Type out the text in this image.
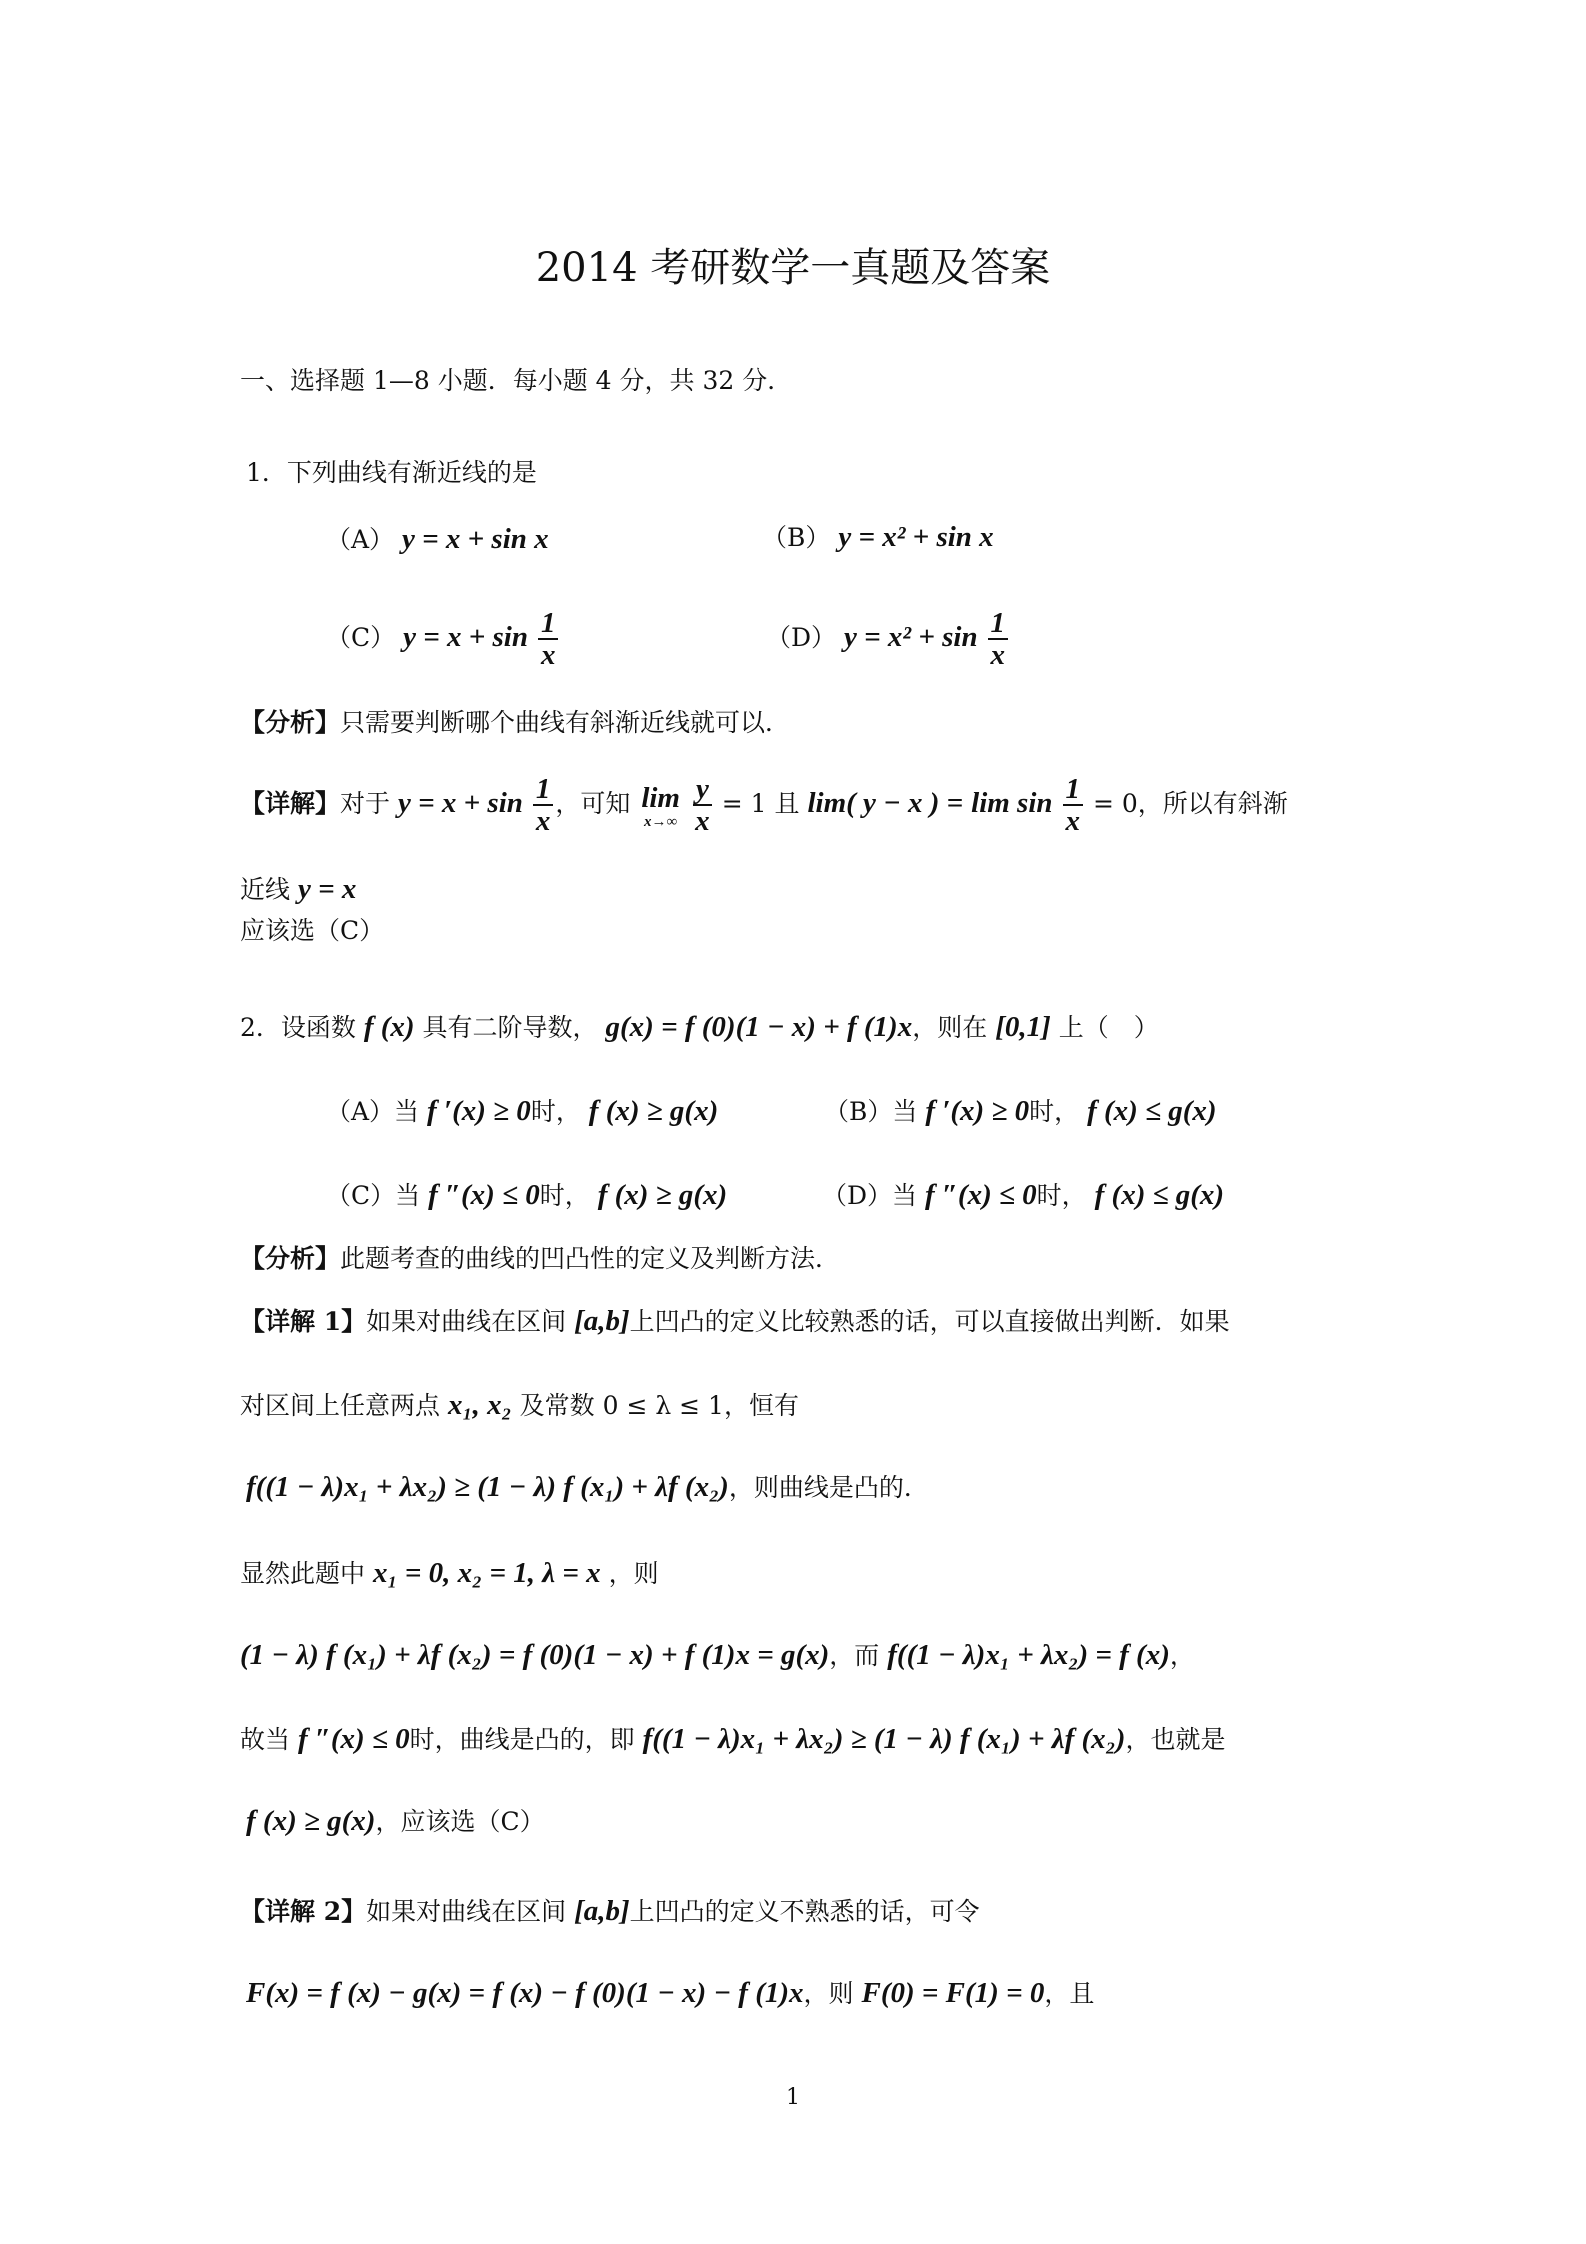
2014 考研数学一真题及答案
一、选择题 1—8 小题．每小题 4 分，共 32 分．
1．下列曲线有渐近线的是
（A） y = x + sin x	（B） y = x² + sin x
（C） $y = x + \sin \frac{1}{x}$	（D） $y = x^2 + \sin \frac{1}{x}$
【分析】只需要判断哪个曲线有斜渐近线就可以．
【详解】对于 $y = x + \sin \frac{1}{x}$ ，可知 lim
x→∞
$\frac{y}{x} = 1$ 且 lim( y − x ) = $\lim \sin \frac{1}{x} = 0$，所以有斜渐
近线 y = x
应该选（C）
2．设函数 f (x) 具有二阶导数， g(x) = f (0)(1 − x) + f (1)x，则在 [0,1] 上（　）
（A）当 f ′(x) ≥ 0时， f (x) ≥ g(x)	（B）当 f ′(x) ≥ 0时， f (x) ≤ g(x)
（C）当 f ″(x) ≤ 0时， f (x) ≥ g(x)	（D）当 f ″(x) ≤ 0时， f (x) ≤ g(x)
【分析】此题考查的曲线的凹凸性的定义及判断方法．
【详解 1】如果对曲线在区间 [a,b]上凹凸的定义比较熟悉的话，可以直接做出判断．如果
对区间上任意两点 x₁, x₂ 及常数 0 ≤ λ ≤ 1，恒有
f((1 − λ)x₁ + λx₂) ≥ (1 − λ) f (x₁) + λf (x₂)，则曲线是凸的．
显然此题中 x₁ = 0, x₂ = 1, λ = x ，则
(1 − λ) f (x₁) + λf (x₂) = f (0)(1 − x) + f (1)x = g(x)，而 f((1 − λ)x₁ + λx₂) = f (x)，
故当 f ″(x) ≤ 0时，曲线是凸的，即 f((1 − λ)x₁ + λx₂) ≥ (1 − λ) f (x₁) + λf (x₂)，也就是
f (x) ≥ g(x)，应该选（C）
【详解 2】如果对曲线在区间 [a,b]上凹凸的定义不熟悉的话，可令
F(x) = f (x) − g(x) = f (x) − f (0)(1 − x) − f (1)x，则 F(0) = F(1) = 0，且
1
